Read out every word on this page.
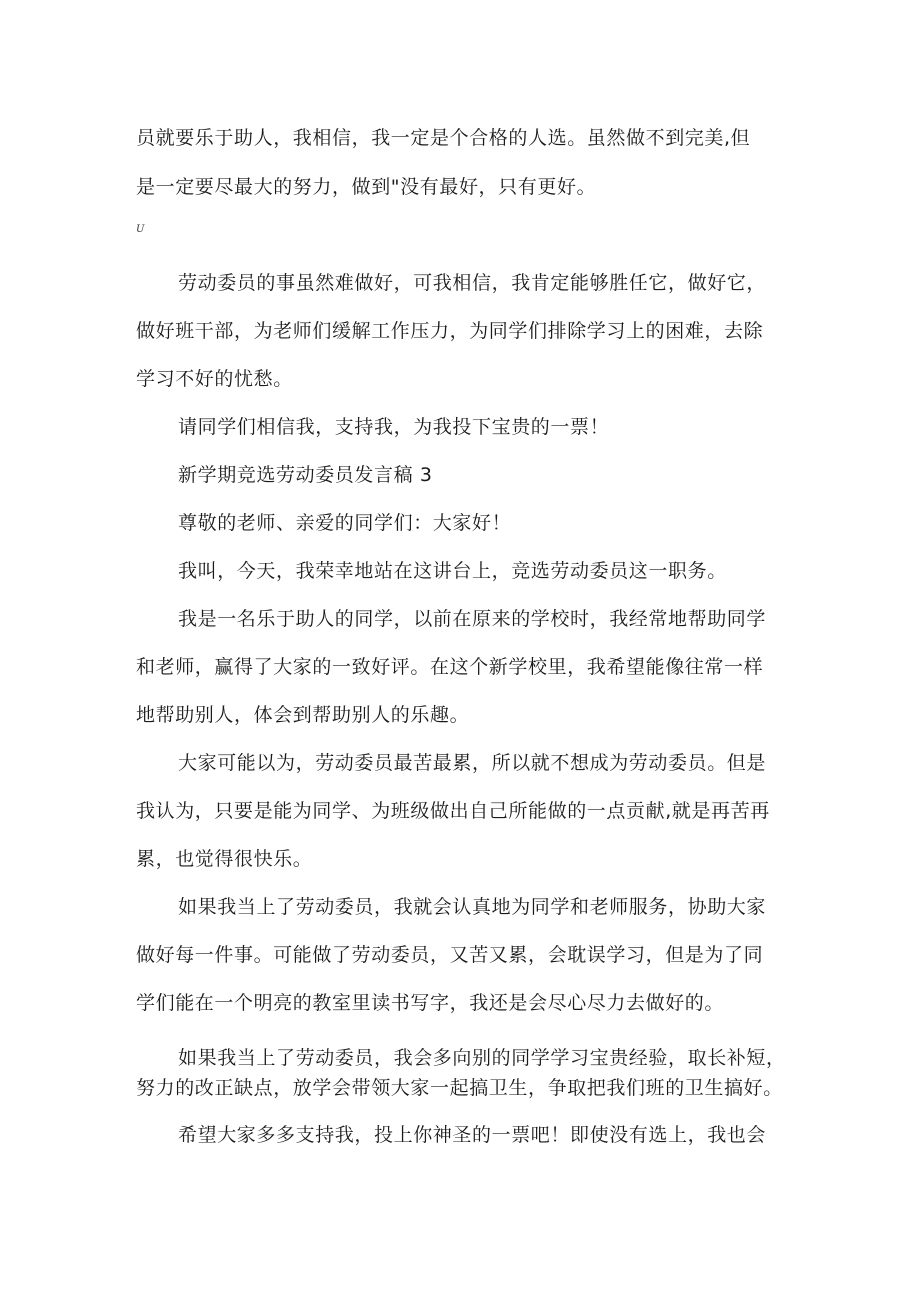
员就要乐于助人，我相信，我一定是个合格的人选。虽然做不到完美,但
是一定要尽最大的努力，做到"没有最好，只有更好。
U
劳动委员的事虽然难做好，可我相信，我肯定能够胜任它，做好它，
做好班干部，为老师们缓解工作压力，为同学们排除学习上的困难，去除
学习不好的忧愁。
请同学们相信我，支持我，为我投下宝贵的一票！
新学期竞选劳动委员发言稿 3
尊敬的老师、亲爱的同学们：大家好！
我叫，今天，我荣幸地站在这讲台上，竞选劳动委员这一职务。
我是一名乐于助人的同学，以前在原来的学校时，我经常地帮助同学
和老师，赢得了大家的一致好评。在这个新学校里，我希望能像往常一样
地帮助别人，体会到帮助别人的乐趣。
大家可能以为，劳动委员最苦最累，所以就不想成为劳动委员。但是
我认为，只要是能为同学、为班级做出自己所能做的一点贡献,就是再苦再
累，也觉得很快乐。
如果我当上了劳动委员，我就会认真地为同学和老师服务，协助大家
做好每一件事。可能做了劳动委员，又苦又累，会耽误学习，但是为了同
学们能在一个明亮的教室里读书写字，我还是会尽心尽力去做好的。
如果我当上了劳动委员，我会多向别的同学学习宝贵经验，取长补短，
努力的改正缺点，放学会带领大家一起搞卫生，争取把我们班的卫生搞好。
希望大家多多支持我，投上你神圣的一票吧！即使没有选上，我也会
